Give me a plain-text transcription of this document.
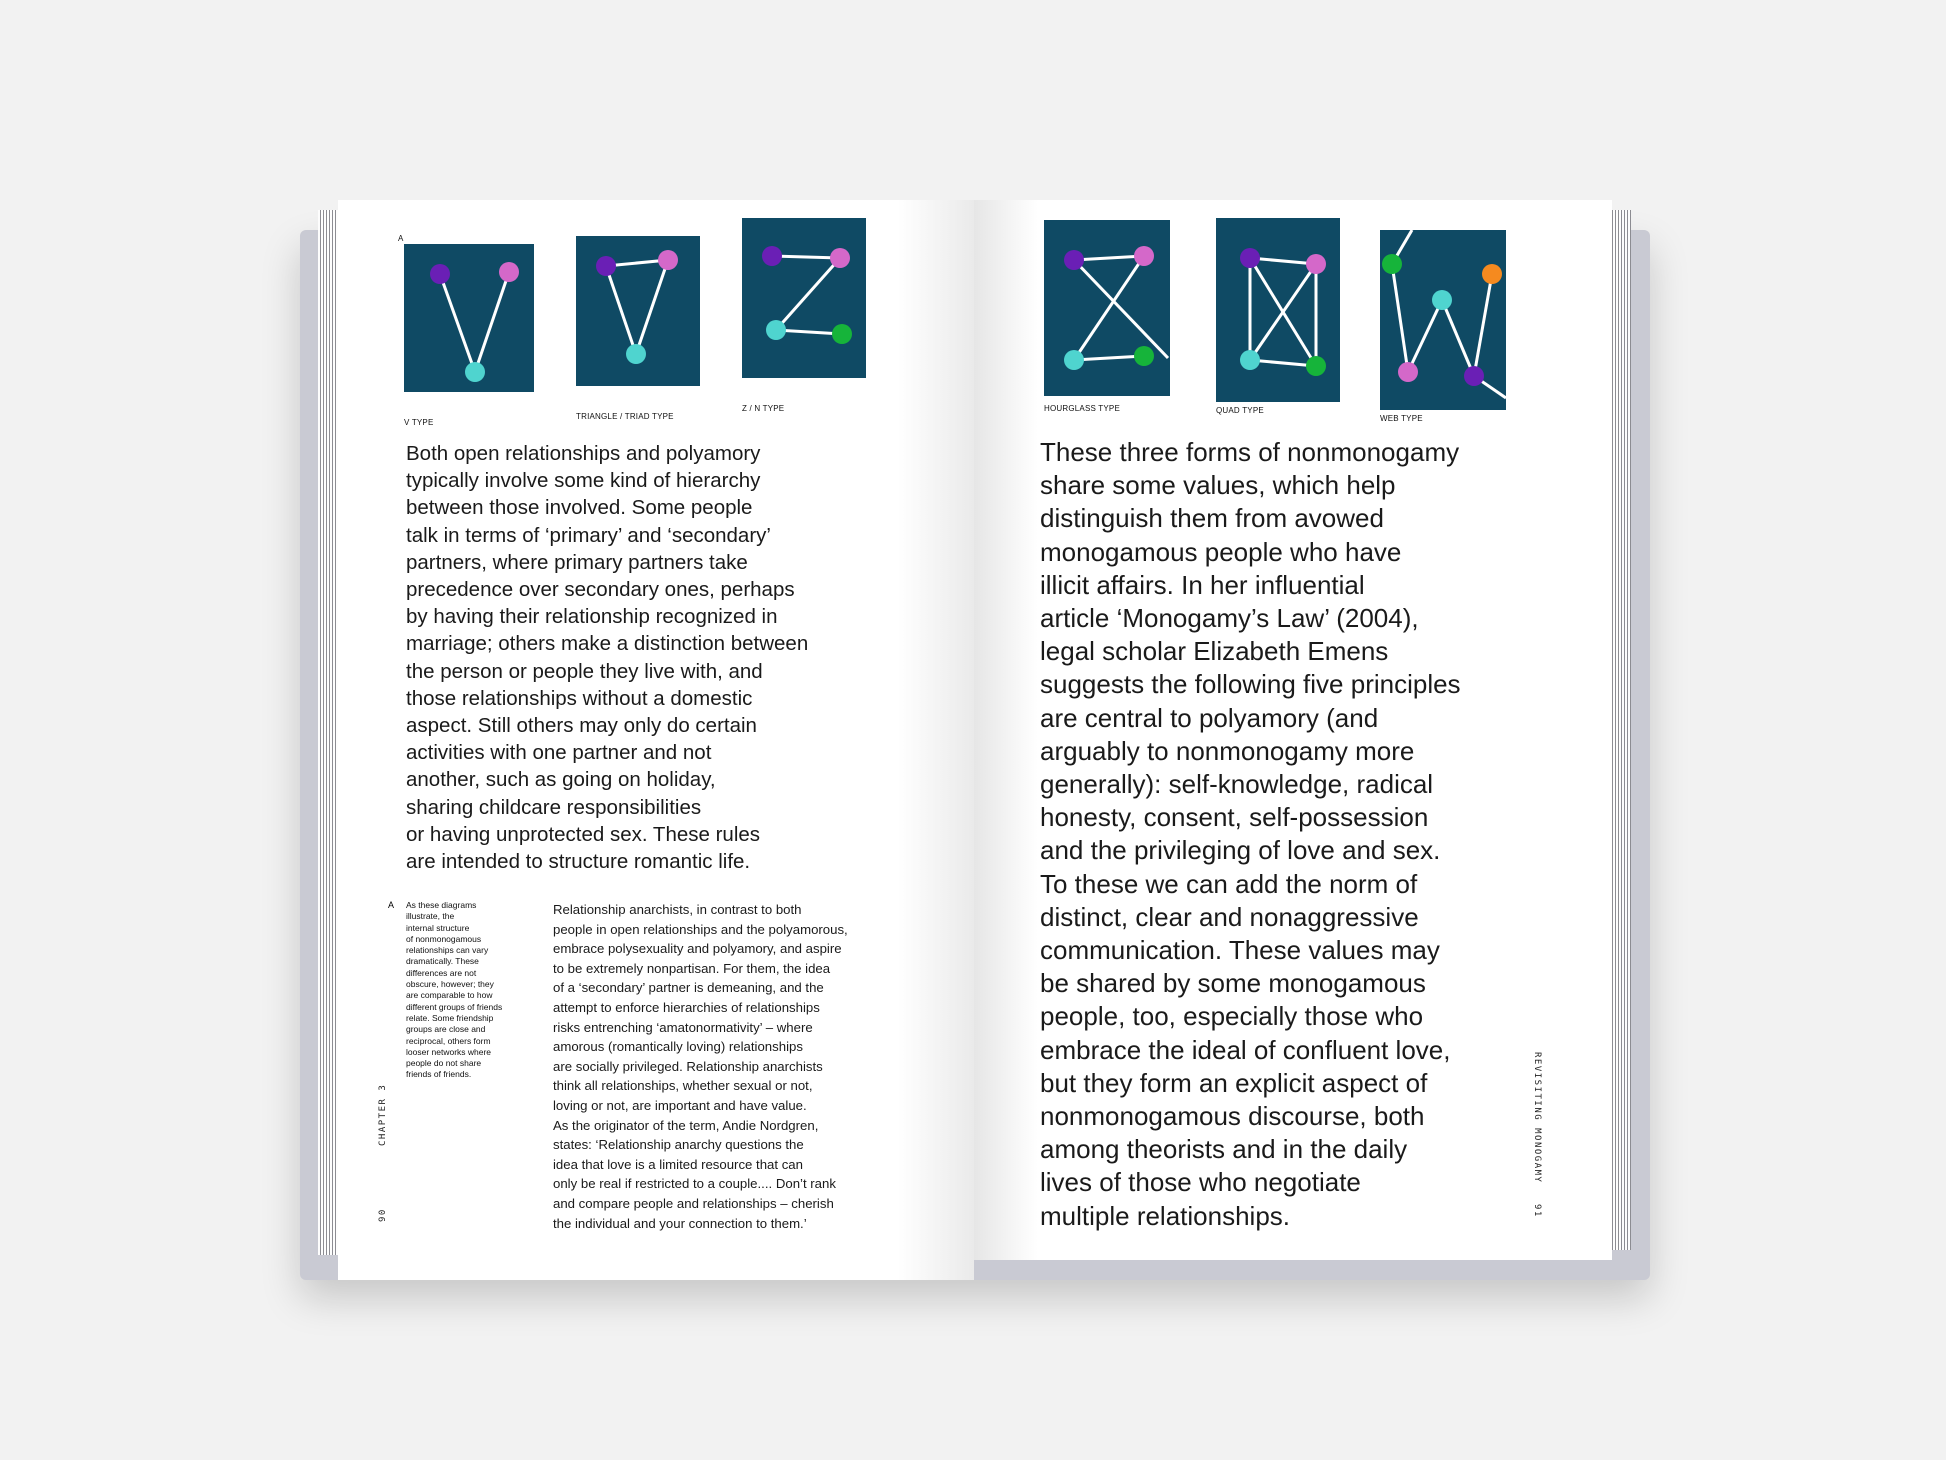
A
V TYPE
TRIANGLE / TRIAD TYPE
Z / N TYPE

Both open relationships and polyamory

typically involve some kind of hierarchy

between those involved. Some people

talk in terms of ‘primary’ and ‘secondary’

partners, where primary partners take

precedence over secondary ones, perhaps

by having their relationship recognized in

marriage; others make a distinction between

the person or people they live with, and

those relationships without a domestic

aspect. Still others may only do certain

activities with one partner and not

another, such as going on holiday,

sharing childcare responsibilities

or having unprotected sex. These rules

are intended to structure romantic life.

A As these diagrams
illustrate, the
internal structure
of nonmonogamous
relationships can vary
dramatically. These
differences are not
obscure, however; they
are comparable to how
different groups of friends
relate. Some friendship
groups are close and
reciprocal, others form
looser networks where
people do not share
friends of friends.
Relationship anarchists, in contrast to both
people in open relationships and the polyamorous,
embrace polysexuality and polyamory, and aspire
to be extremely nonpartisan. For them, the idea
of a ‘secondary’ partner is demeaning, and the
attempt to enforce hierarchies of relationships
risks entrenching ‘amatonormativity’ – where
amorous (romantically loving) relationships
are socially privileged. Relationship anarchists
think all relationships, whether sexual or not,
loving or not, are important and have value.
As the originator of the term, Andie Nordgren,
states: ‘Relationship anarchy questions the
idea that love is a limited resource that can
only be real if restricted to a couple.... Don’t rank
and compare people and relationships – cherish
the individual and your connection to them.’
CHAPTER 3
90
HOURGLASS TYPE	QUAD TYPE
WEB TYPE

These three forms of nonmonogamy

share some values, which help

distinguish them from avowed

monogamous people who have

illicit affairs. In her influential

article ‘Monogamy’s Law’ (2004),

legal scholar Elizabeth Emens

suggests the following five principles

are central to polyamory (and

arguably to nonmonogamy more

generally): self-knowledge, radical

honesty, consent, self-possession

and the privileging of love and sex.

To these we can add the norm of

distinct, clear and nonaggressive

communication. These values may

be shared by some monogamous

people, too, especially those who

embrace the ideal of confluent love,

but they form an explicit aspect of

nonmonogamous discourse, both

among theorists and in the daily

lives of those who negotiate

multiple relationships.

REVISITING MONOGAMY
91
